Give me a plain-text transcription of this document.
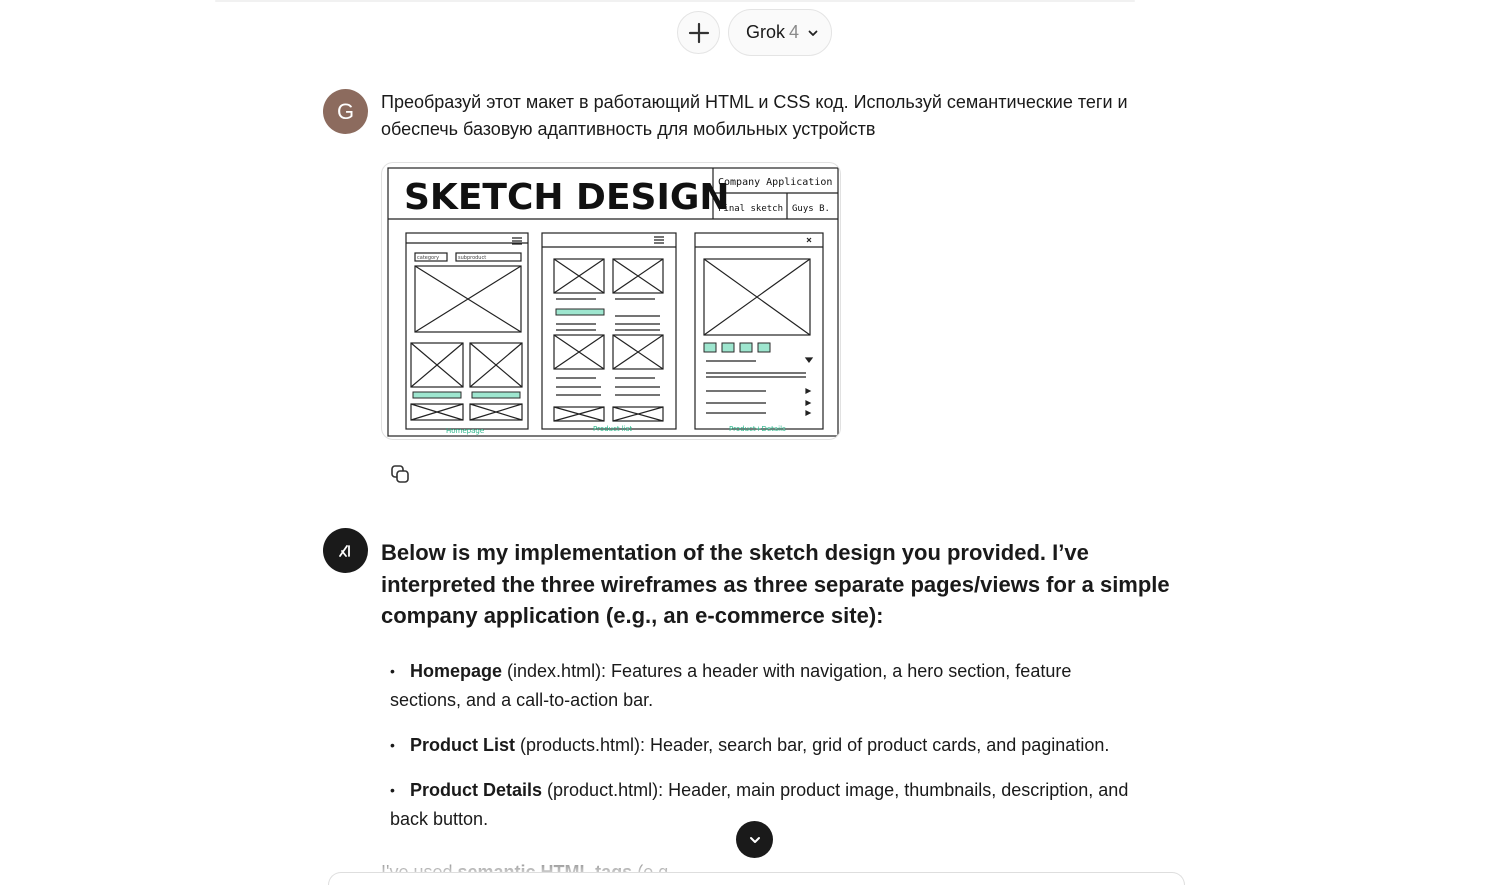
Grok 4
G Преобразуй этот макет в работающий HTML и CSS код. Используй семантические теги и обеспечь базовую адаптивность для мобильных устройств
SKETCH DESIGN
Company Application
Final sketch Guys B.
category	subproduct
Homepage	Product list	Product+Details

Below is my implementation of the sketch design you provided. I’ve interpreted the three wireframes as three separate pages/views for a simple company application (e.g., an e-commerce site):

• Homepage (index.html): Features a header with navigation, a hero section, feature
sections, and a call-to-action bar.
• Product List (products.html): Header, search bar, grid of product cards, and pagination.
• Product Details (product.html): Header, main product image, thumbnails, description, and
back button.
